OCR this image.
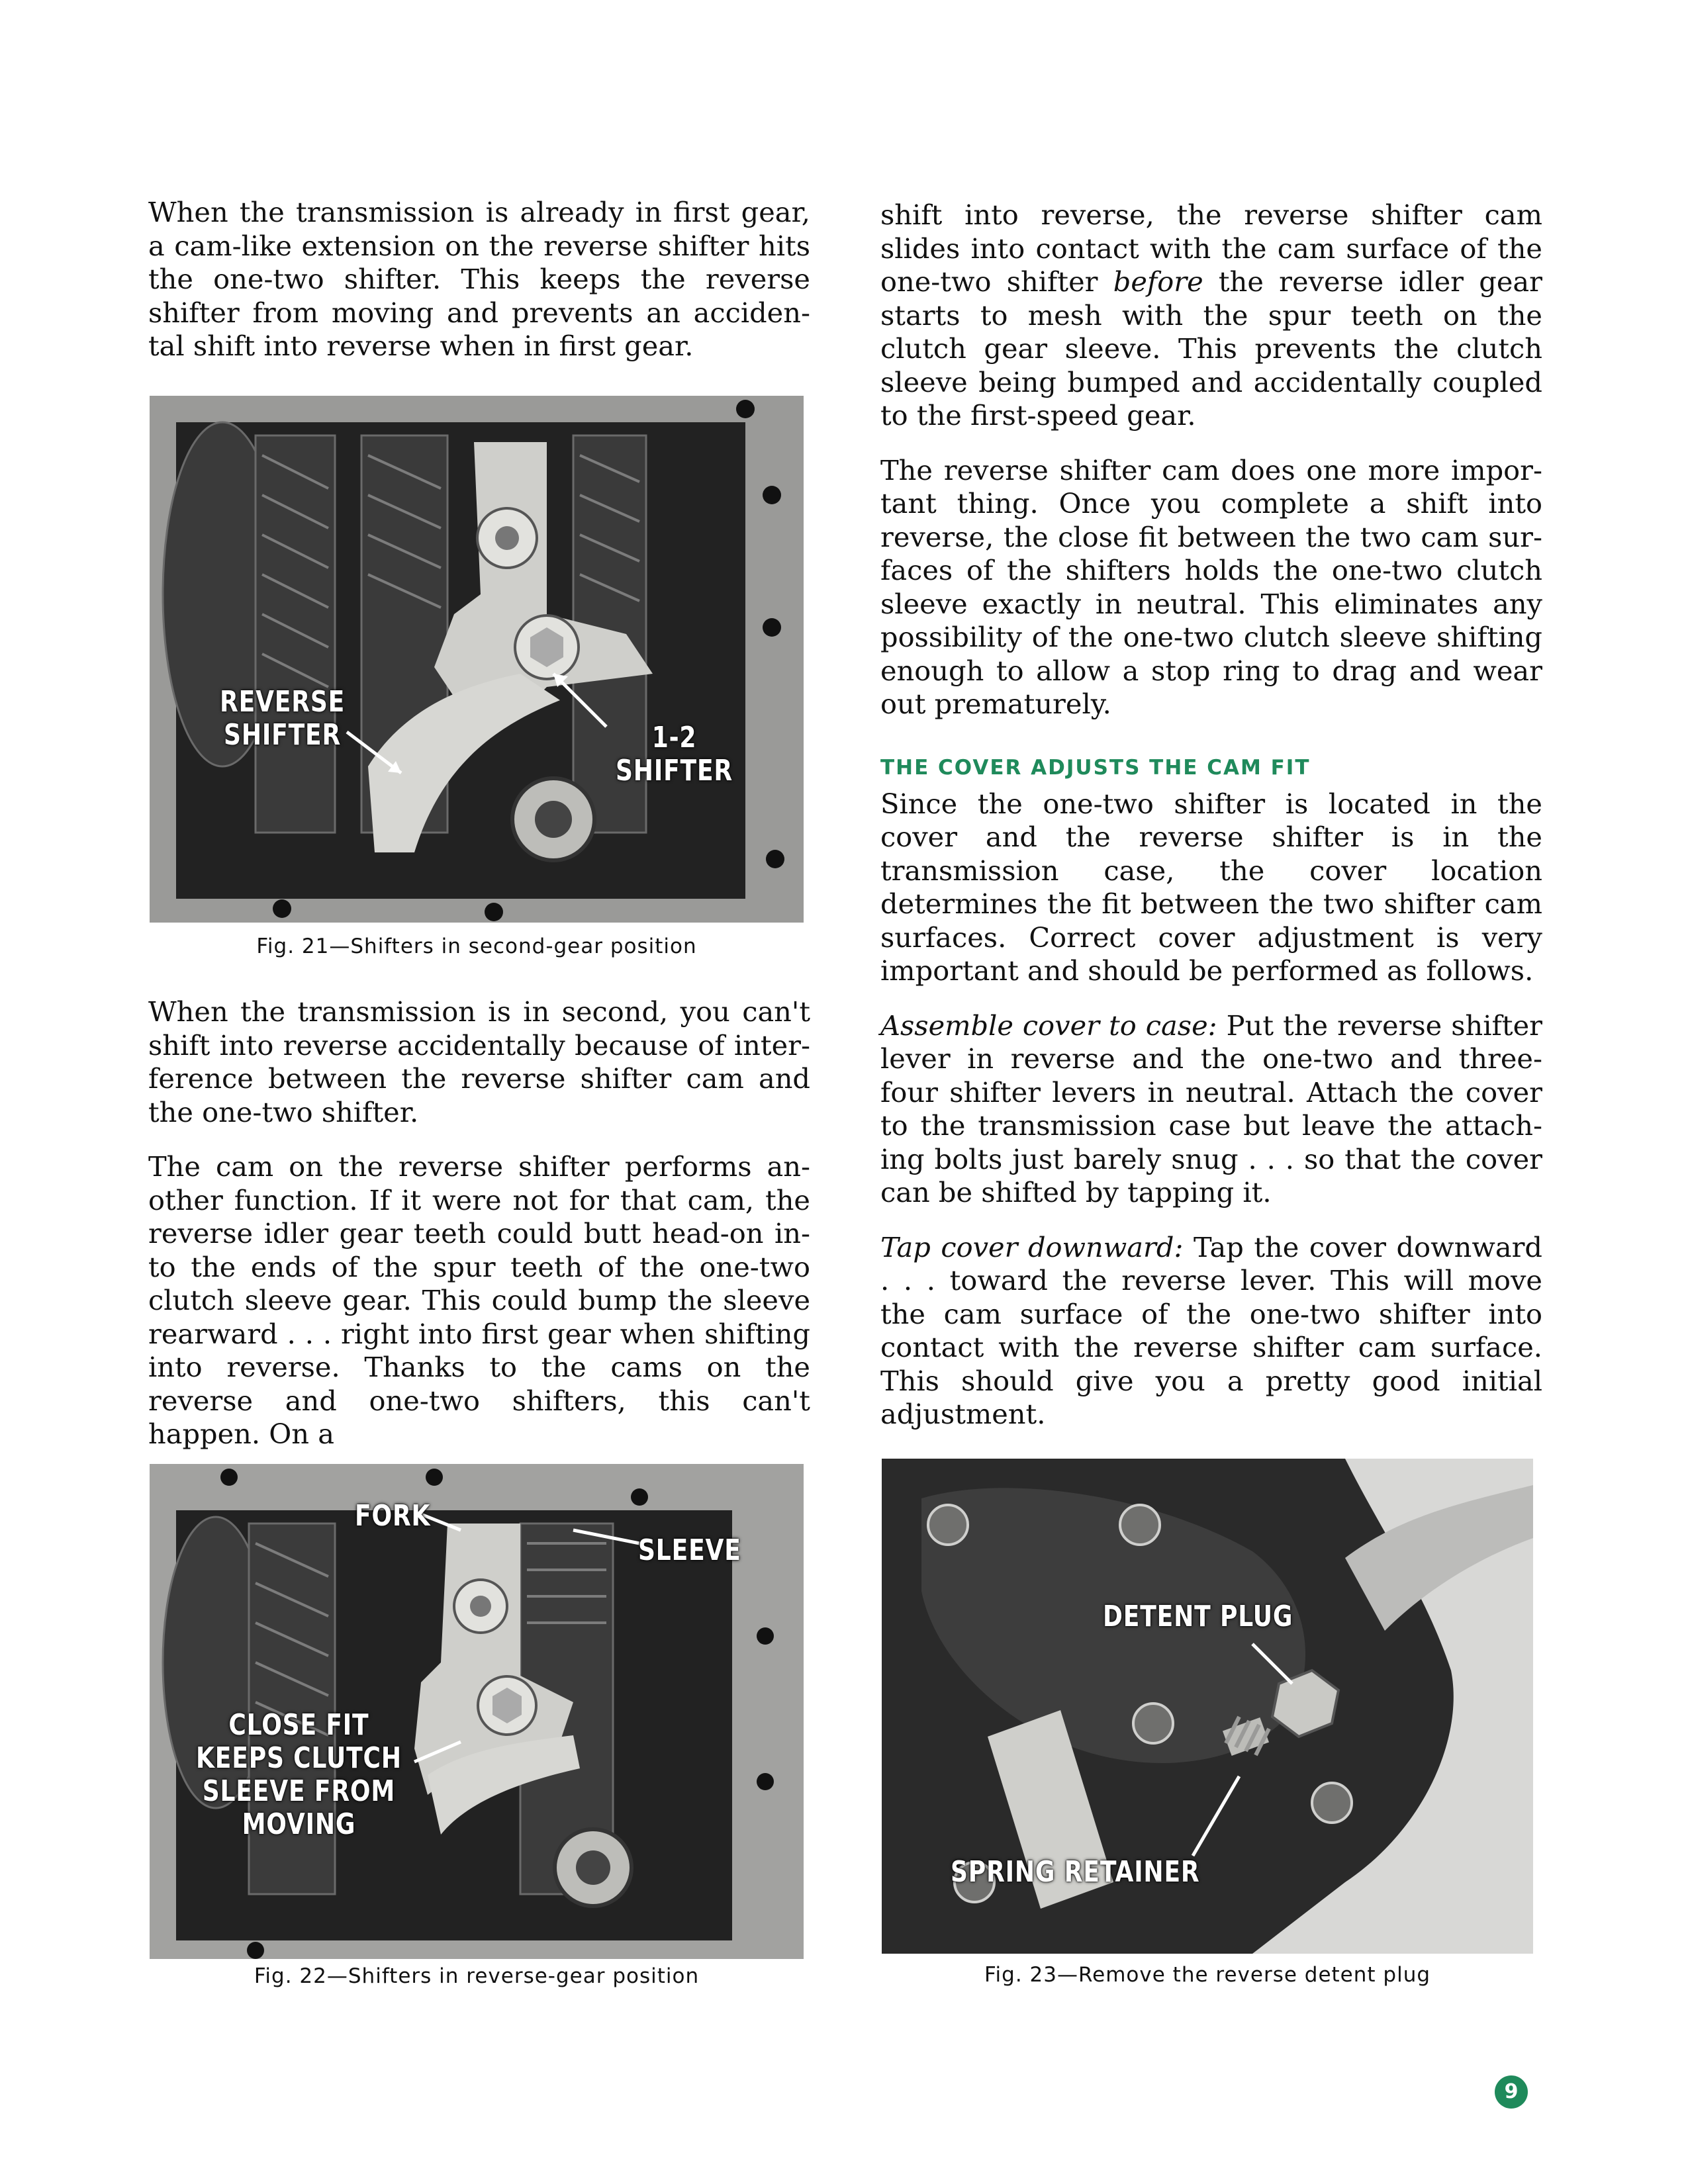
When the transmission is already in first gear, a cam-like extension on the reverse shifter hits the one-two shifter. This keeps the reverse shifter from moving and prevents an accidental shift into reverse when in first gear.

REVERSE
SHIFTER	1-2
SHIFTER
Fig. 21—Shifters in second-gear position

When the transmission is in second, you can't shift into reverse accidentally because of interference between the reverse shifter cam and the one-two shifter.

The cam on the reverse shifter performs another function. If it were not for that cam, the reverse idler gear teeth could butt head-on into the ends of the spur teeth of the one-two clutch sleeve gear. This could bump the sleeve rearward . . . right into first gear when shifting into reverse. Thanks to the cams on the reverse and one-two shifters, this can't happen. On a

FORK
SLEEVE
CLOSE FIT
KEEPS CLUTCH
SLEEVE FROM
MOVING
Fig. 22—Shifters in reverse-gear position

shift into reverse, the reverse shifter cam slides into contact with the cam surface of the one-two shifter before the reverse idler gear starts to mesh with the spur teeth on the clutch gear sleeve. This prevents the clutch sleeve being bumped and accidentally coupled to the first-speed gear.

The reverse shifter cam does one more important thing. Once you complete a shift into reverse, the close fit between the two cam surfaces of the shifters holds the one-two clutch sleeve exactly in neutral. This eliminates any possibility of the one-two clutch sleeve shifting enough to allow a stop ring to drag and wear out prematurely.

THE COVER ADJUSTS THE CAM FIT

Since the one-two shifter is located in the cover and the reverse shifter is in the transmission case, the cover location determines the fit between the two shifter cam surfaces. Correct cover adjustment is very important and should be performed as follows.

Assemble cover to case: Put the reverse shifter lever in reverse and the one-two and three-four shifter levers in neutral. Attach the cover to the transmission case but leave the attaching bolts just barely snug . . . so that the cover can be shifted by tapping it.

Tap cover downward: Tap the cover downward . . . toward the reverse lever. This will move the cam surface of the one-two shifter into contact with the reverse shifter cam surface. This should give you a pretty good initial adjustment.

DETENT PLUG
SPRING RETAINER
Fig. 23—Remove the reverse detent plug
9
